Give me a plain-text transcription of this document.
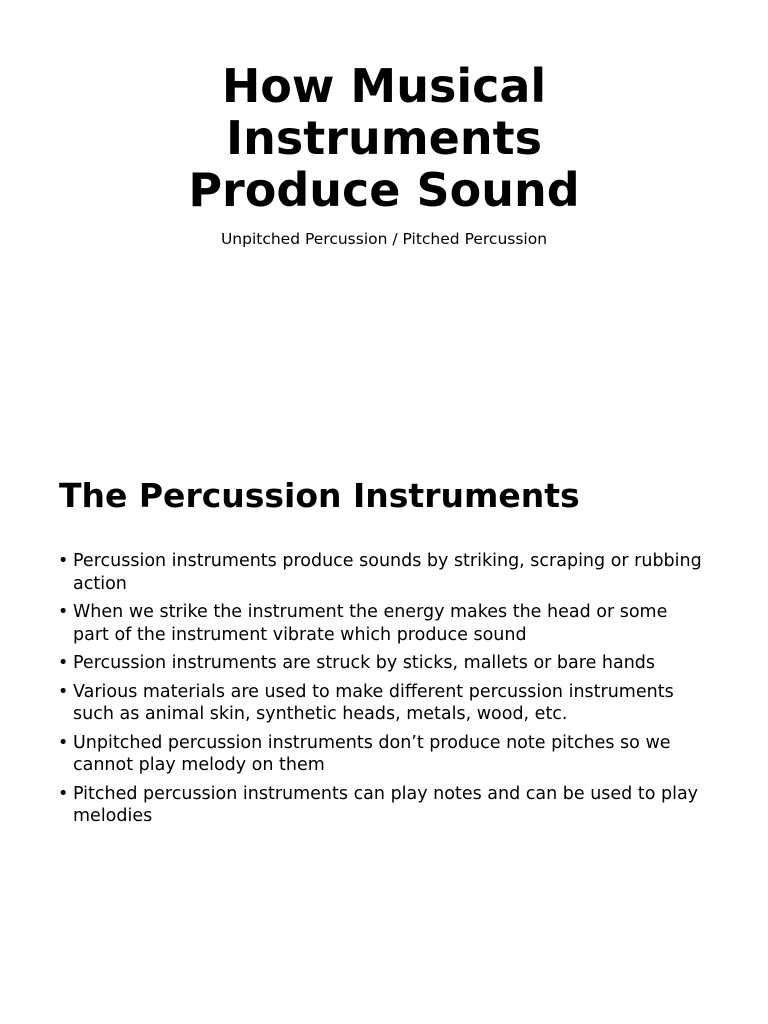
How Musical
Instruments
Produce Sound

Unpitched Percussion / Pitched Percussion

The Percussion Instruments
• Percussion instruments produce sounds by striking, scraping or rubbing action
• When we strike the instrument the energy makes the head or some part of the instrument vibrate which produce sound
• Percussion instruments are struck by sticks, mallets or bare hands
• Various materials are used to make different percussion instruments such as animal skin, synthetic heads, metals, wood, etc.
• Unpitched percussion instruments don’t produce note pitches so we cannot play melody on them
• Pitched percussion instruments can play notes and can be used to play melodies
